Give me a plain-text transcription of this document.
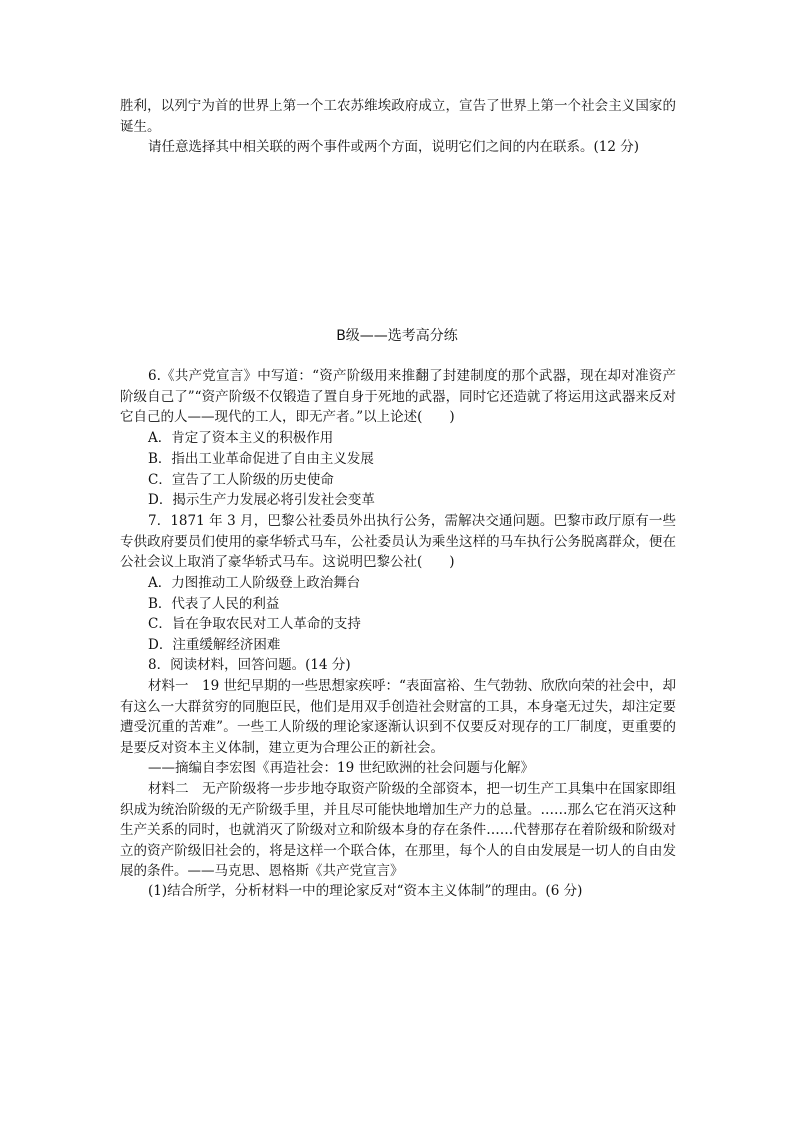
胜利，以列宁为首的世界上第一个工农苏维埃政府成立，宣告了世界上第一个社会主义国家的诞生。

请任意选择其中相关联的两个事件或两个方面，说明它们之间的内在联系。(12 分)

B级——选考高分练

6.《共产党宣言》中写道：“资产阶级用来推翻了封建制度的那个武器，现在却对准资产阶级自己了”“资产阶级不仅锻造了置自身于死地的武器，同时它还造就了将运用这武器来反对它自己的人——现代的工人，即无产者。”以上论述(　　)

A．肯定了资本主义的积极作用

B．指出工业革命促进了自由主义发展

C．宣告了工人阶级的历史使命

D．揭示生产力发展必将引发社会变革

7．1871 年 3 月，巴黎公社委员外出执行公务，需解决交通问题。巴黎市政厅原有一些专供政府要员们使用的豪华轿式马车，公社委员认为乘坐这样的马车执行公务脱离群众，便在公社会议上取消了豪华轿式马车。这说明巴黎公社(　　)

A．力图推动工人阶级登上政治舞台

B．代表了人民的利益

C．旨在争取农民对工人革命的支持

D．注重缓解经济困难

8．阅读材料，回答问题。(14 分)

材料一　19 世纪早期的一些思想家疾呼：“表面富裕、生气勃勃、欣欣向荣的社会中，却有这么一大群贫穷的同胞臣民，他们是用双手创造社会财富的工具，本身毫无过失，却注定要遭受沉重的苦难”。一些工人阶级的理论家逐渐认识到不仅要反对现存的工厂制度，更重要的是要反对资本主义体制，建立更为合理公正的新社会。

——摘编自李宏图《再造社会：19 世纪欧洲的社会问题与化解》

材料二　无产阶级将一步步地夺取资产阶级的全部资本，把一切生产工具集中在国家即组织成为统治阶级的无产阶级手里，并且尽可能快地增加生产力的总量。……那么它在消灭这种生产关系的同时，也就消灭了阶级对立和阶级本身的存在条件……代替那存在着阶级和阶级对立的资产阶级旧社会的，将是这样一个联合体，在那里，每个人的自由发展是一切人的自由发展的条件。——马克思、恩格斯《共产党宣言》

(1)结合所学，分析材料一中的理论家反对“资本主义体制”的理由。(6 分)
